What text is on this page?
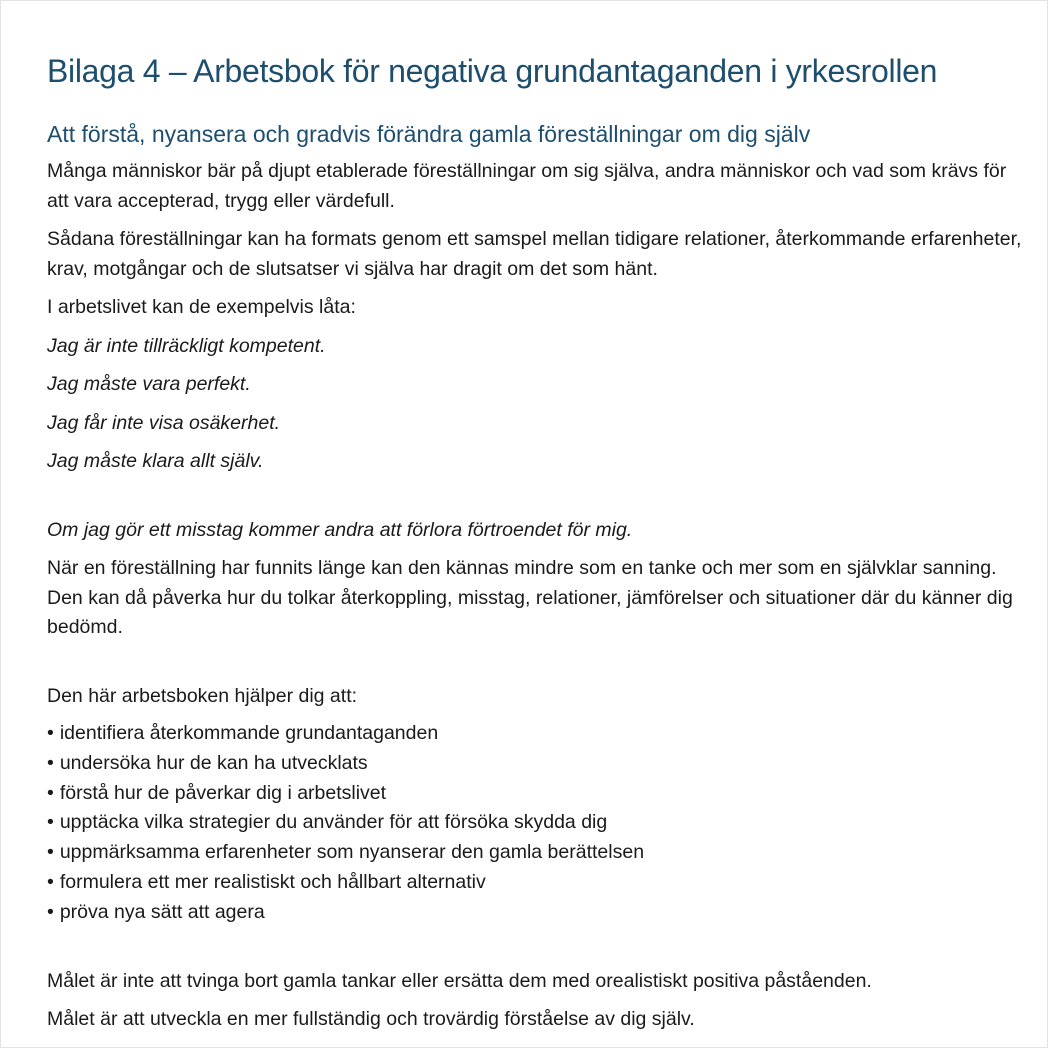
Bilaga 4 – Arbetsbok för negativa grundantaganden i yrkesrollen
Att förstå, nyansera och gradvis förändra gamla föreställningar om dig själv

Många människor bär på djupt etablerade föreställningar om sig själva, andra människor och vad som krävs för att vara accepterad, trygg eller värdefull.

Sådana föreställningar kan ha formats genom ett samspel mellan tidigare relationer, återkommande erfarenheter, krav, motgångar och de slutsatser vi själva har dragit om det som hänt.

I arbetslivet kan de exempelvis låta:

Jag är inte tillräckligt kompetent.

Jag måste vara perfekt.

Jag får inte visa osäkerhet.

Jag måste klara allt själv.

Om jag gör ett misstag kommer andra att förlora förtroendet för mig.

När en föreställning har funnits länge kan den kännas mindre som en tanke och mer som en självklar sanning. Den kan då påverka hur du tolkar återkoppling, misstag, relationer, jämförelser och situationer där du känner dig bedömd.

Den här arbetsboken hjälper dig att:

• identifiera återkommande grundantaganden
• undersöka hur de kan ha utvecklats
• förstå hur de påverkar dig i arbetslivet
• upptäcka vilka strategier du använder för att försöka skydda dig
• uppmärksamma erfarenheter som nyanserar den gamla berättelsen
• formulera ett mer realistiskt och hållbart alternativ
• pröva nya sätt att agera

Målet är inte att tvinga bort gamla tankar eller ersätta dem med orealistiskt positiva påståenden.

Målet är att utveckla en mer fullständig och trovärdig förståelse av dig själv.
